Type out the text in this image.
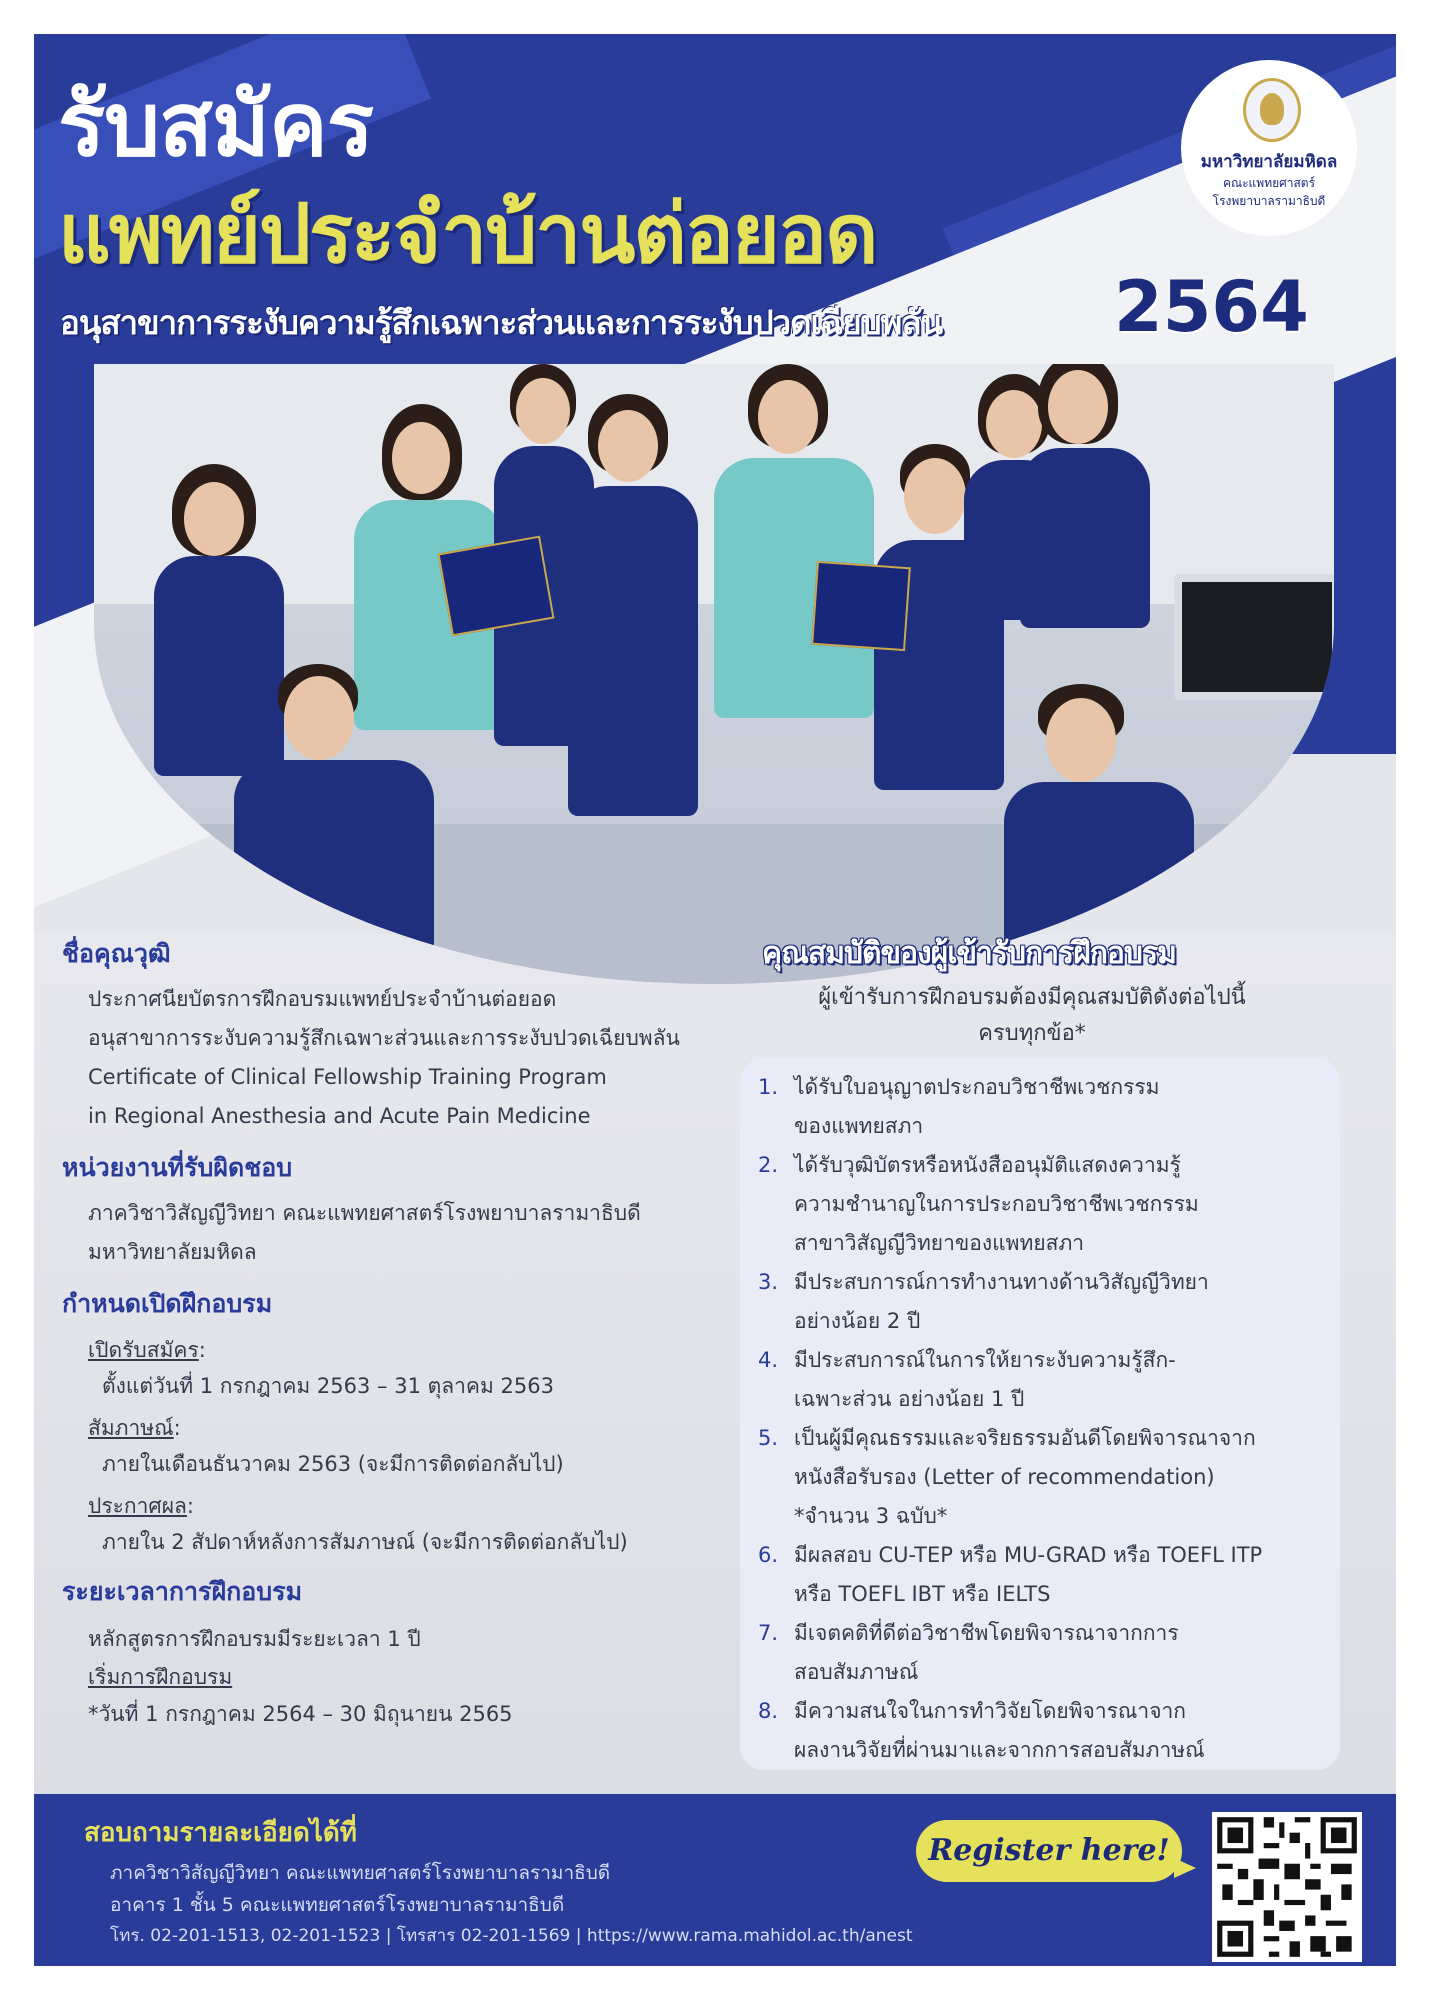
รับสมัคร
แพทย์ประจำบ้านต่อยอด
อนุสาขาการระงับความรู้สึกเฉพาะส่วนและการระงับปวดเฉียบพลัน 2564
มหาวิทยาลัยมหิดล
คณะแพทยศาสตร์
โรงพยาบาลรามาธิบดี

ชื่อคุณวุฒิ

ประกาศนียบัตรการฝึกอบรมแพทย์ประจำบ้านต่อยอด
อนุสาขาการระงับความรู้สึกเฉพาะส่วนและการระงับปวดเฉียบพลัน
Certificate of Clinical Fellowship Training Program
in Regional Anesthesia and Acute Pain Medicine

หน่วยงานที่รับผิดชอบ

ภาควิชาวิสัญญีวิทยา คณะแพทยศาสตร์โรงพยาบาลรามาธิบดี
มหาวิทยาลัยมหิดล

กำหนดเปิดฝึกอบรม

เปิดรับสมัคร:
ตั้งแต่วันที่ 1 กรกฎาคม 2563 – 31 ตุลาคม 2563
สัมภาษณ์:
ภายในเดือนธันวาคม 2563 (จะมีการติดต่อกลับไป)
ประกาศผล:
ภายใน 2 สัปดาห์หลังการสัมภาษณ์ (จะมีการติดต่อกลับไป)

ระยะเวลาการฝึกอบรม

หลักสูตรการฝึกอบรมมีระยะเวลา 1 ปี
เริ่มการฝึกอบรม
*วันที่ 1 กรกฎาคม 2564 – 30 มิถุนายน 2565
คุณสมบัติของผู้เข้ารับการฝึกอบรม
ผู้เข้ารับการฝึกอบรมต้องมีคุณสมบัติดังต่อไปนี้
ครบทุกข้อ*
1. ได้รับใบอนุญาตประกอบวิชาชีพเวชกรรม
ของแพทยสภา
2. ได้รับวุฒิบัตรหรือหนังสืออนุมัติแสดงความรู้
ความชำนาญในการประกอบวิชาชีพเวชกรรม
สาขาวิสัญญีวิทยาของแพทยสภา
3. มีประสบการณ์การทำงานทางด้านวิสัญญีวิทยา
อย่างน้อย 2 ปี
4. มีประสบการณ์ในการให้ยาระงับความรู้สึก-
เฉพาะส่วน อย่างน้อย 1 ปี
5. เป็นผู้มีคุณธรรมและจริยธรรมอันดีโดยพิจารณาจาก
หนังสือรับรอง (Letter of recommendation)
*จำนวน 3 ฉบับ*
6. มีผลสอบ CU-TEP หรือ MU-GRAD หรือ TOEFL ITP
หรือ TOEFL IBT หรือ IELTS
7. มีเจตคติที่ดีต่อวิชาชีพโดยพิจารณาจากการ
สอบสัมภาษณ์
8. มีความสนใจในการทำวิจัยโดยพิจารณาจาก
ผลงานวิจัยที่ผ่านมาและจากการสอบสัมภาษณ์
สอบถามรายละเอียดได้ที่
ภาควิชาวิสัญญีวิทยา คณะแพทยศาสตร์โรงพยาบาลรามาธิบดี
อาคาร 1 ชั้น 5 คณะแพทยศาสตร์โรงพยาบาลรามาธิบดี
โทร. 02-201-1513, 02-201-1523 | โทรสาร 02-201-1569 | https://www.rama.mahidol.ac.th/anest
Register here!
